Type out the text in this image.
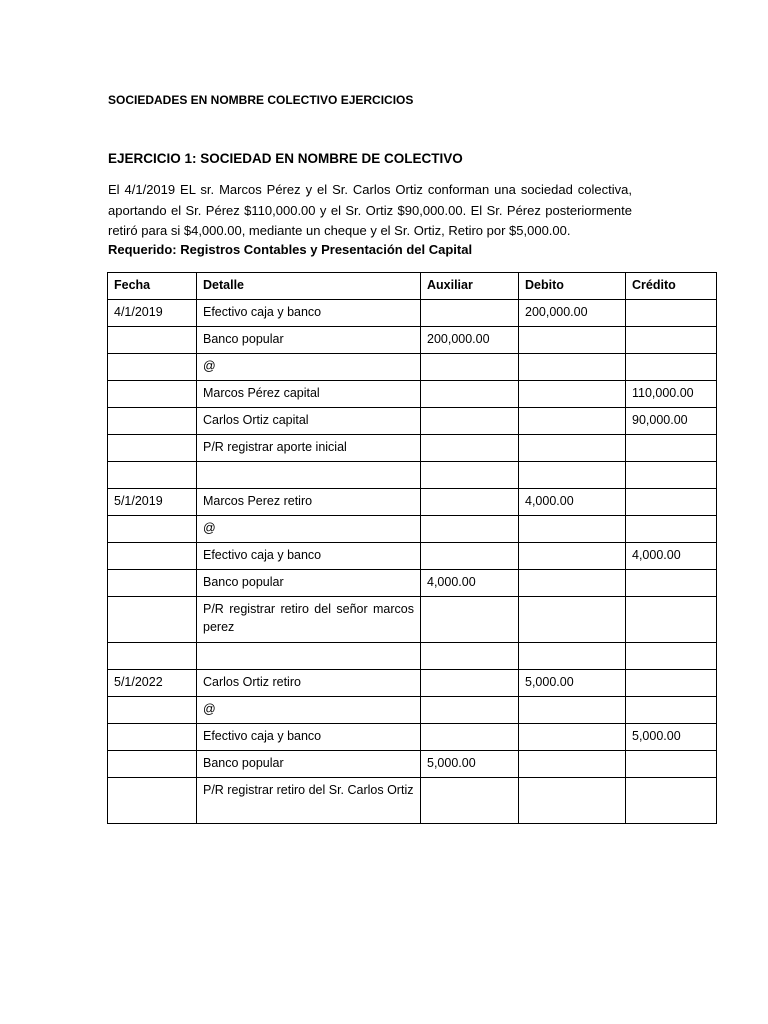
SOCIEDADES EN NOMBRE COLECTIVO EJERCICIOS
EJERCICIO 1: SOCIEDAD EN NOMBRE DE COLECTIVO

El 4/1/2019 EL sr. Marcos Pérez y el Sr. Carlos Ortiz conforman una sociedad colectiva, aportando el Sr. Pérez $110,000.00 y el Sr. Ortiz $90,000.00. El Sr. Pérez posteriormente retiró para si $4,000.00, mediante un cheque y el Sr. Ortiz, Retiro por $5,000.00.

Requerido: Registros Contables y Presentación del Capital
Fecha	Detalle	Auxiliar	Debito	Crédito
4/1/2019	Efectivo caja y banco		200,000.00	
	Banco popular	200,000.00		
	@			
	Marcos Pérez capital			110,000.00
	Carlos Ortiz capital			90,000.00
	P/R registrar aporte inicial			

5/1/2019	Marcos Perez retiro		4,000.00	
	@			
	Efectivo caja y banco			4,000.00
	Banco popular	4,000.00		
	P/R registrar retiro del señor marcos perez			

5/1/2022	Carlos Ortiz retiro		5,000.00	
	@			
	Efectivo caja y banco			5,000.00
	Banco popular	5,000.00		
	P/R registrar retiro del Sr. Carlos Ortiz			
